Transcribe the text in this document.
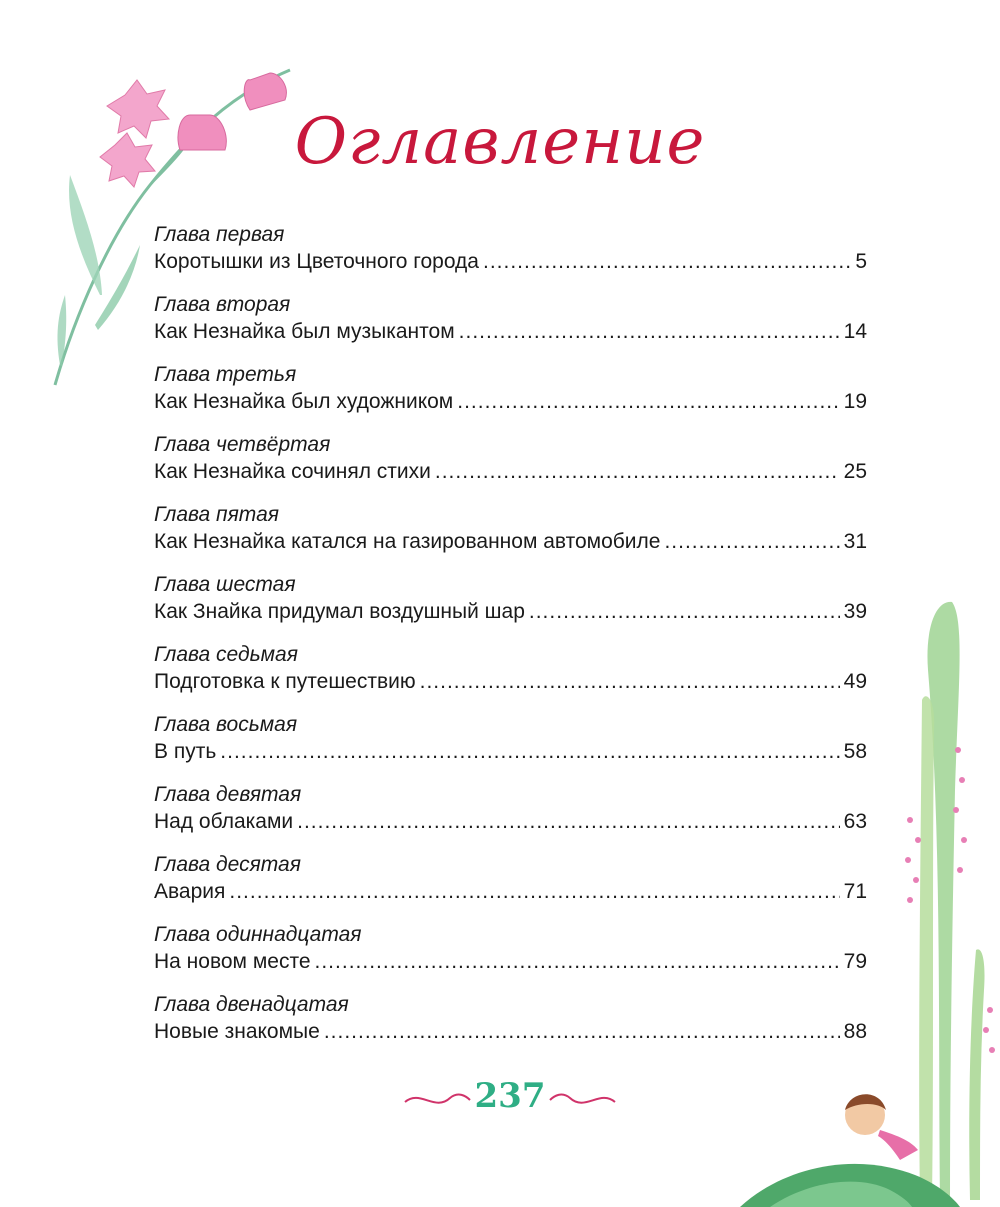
Оглавление
Глава первая
Коротышки из Цветочного города .....	5
Глава вторая
Как Незнайка был музыкантом .....	14
Глава третья
Как Незнайка был художником .....	19
Глава четвёртая
Как Незнайка сочинял стихи .....	25
Глава пятая
Как Незнайка катался на газированном автомобиле .....	31
Глава шестая
Как Знайка придумал воздушный шар .....	39
Глава седьмая
Подготовка к путешествию .....	49
Глава восьмая
В путь .....	58
Глава девятая
Над облаками .....	63
Глава десятая
Авария .....	71
Глава одиннадцатая
На новом месте .....	79
Глава двенадцатая
Новые знакомые .....	88
237
